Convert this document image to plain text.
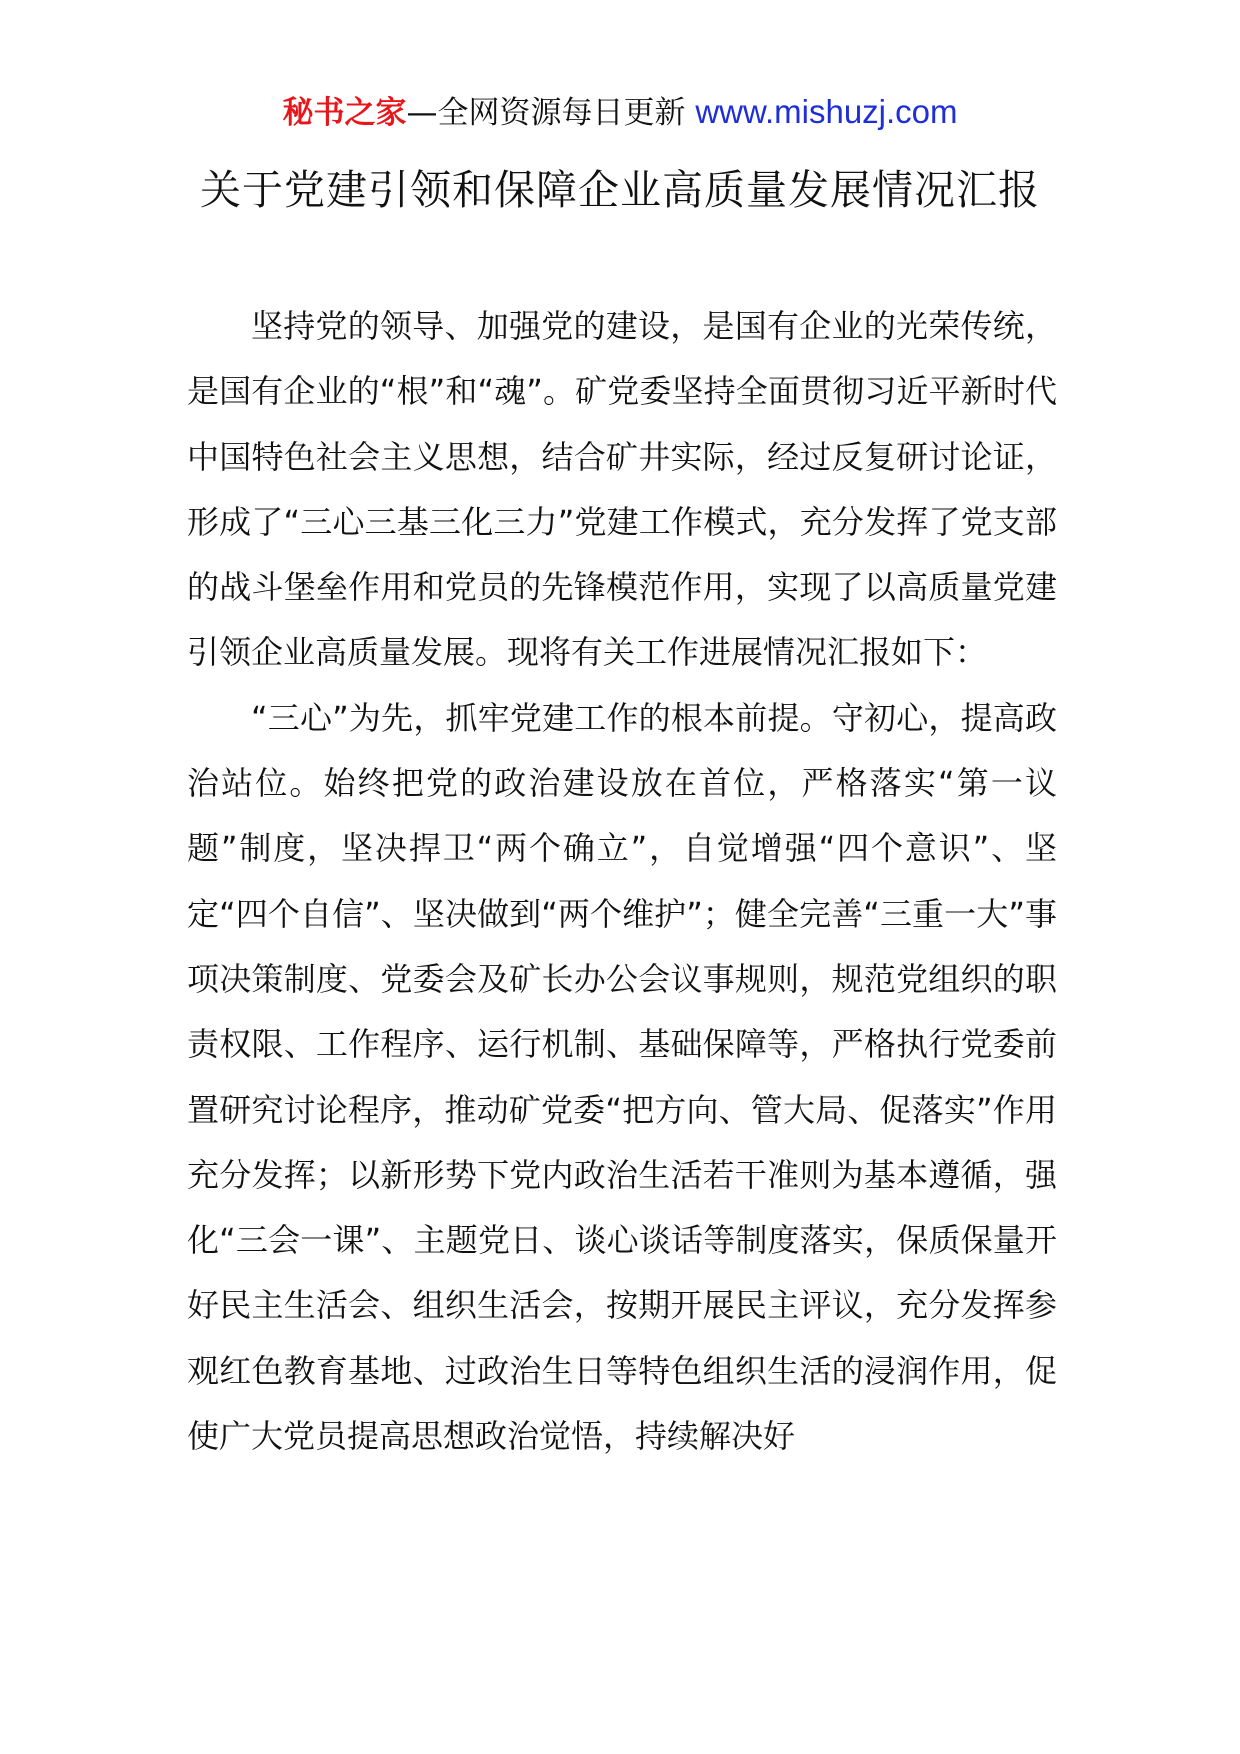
秘书之家—全网资源每日更新 www.mishuzj.com
关于党建引领和保障企业高质量发展情况汇报

坚持党的领导、加强党的建设，是国有企业的光荣传统，是国有企业的“根”和“魂”。矿党委坚持全面贯彻习近平新时代中国特色社会主义思想，结合矿井实际，经过反复研讨论证，形成了“三心三基三化三力”党建工作模式，充分发挥了党支部的战斗堡垒作用和党员的先锋模范作用，实现了以高质量党建引领企业高质量发展。现将有关工作进展情况汇报如下：

“三心”为先，抓牢党建工作的根本前提。守初心，提高政治站位。始终把党的政治建设放在首位，严格落实“第一议题”制度，坚决捍卫“两个确立”，自觉增强“四个意识”、坚定“四个自信”、坚决做到“两个维护”；健全完善“三重一大”事项决策制度、党委会及矿长办公会议事规则，规范党组织的职责权限、工作程序、运行机制、基础保障等，严格执行党委前置研究讨论程序，推动矿党委“把方向、管大局、促落实”作用充分发挥；以新形势下党内政治生活若干准则为基本遵循，强化“三会一课”、主题党日、谈心谈话等制度落实，保质保量开好民主生活会、组织生活会，按期开展民主评议，充分发挥参观红色教育基地、过政治生日等特色组织生活的浸润作用，促使广大党员提高思想政治觉悟，持续解决好
